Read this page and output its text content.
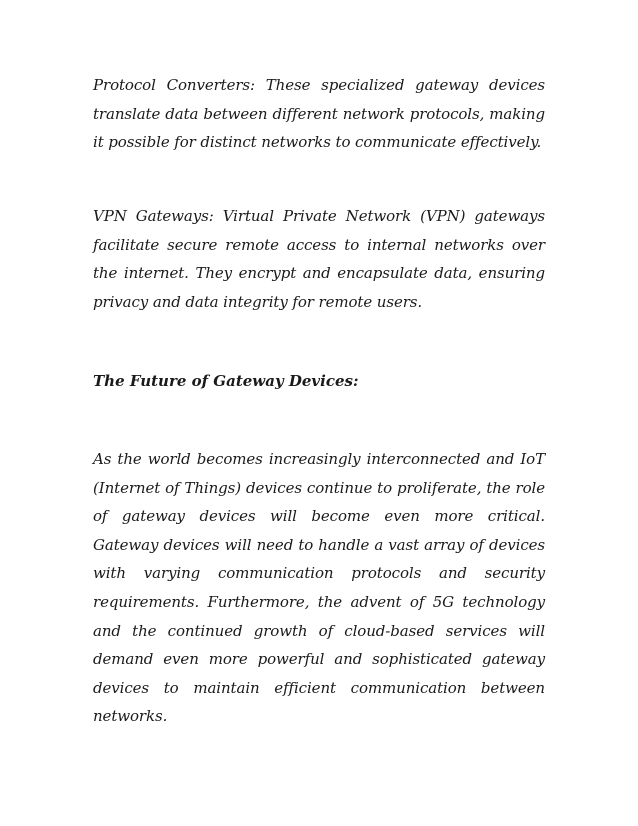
Protocol Converters: These specialized gateway devices translate data between different network protocols, making it possible for distinct networks to communicate effectively.

VPN Gateways: Virtual Private Network (VPN) gateways facilitate secure remote access to internal networks over the internet. They encrypt and encapsulate data, ensuring privacy and data integrity for remote users.

The Future of Gateway Devices:

As the world becomes increasingly interconnected and IoT (Internet of Things) devices continue to proliferate, the role of gateway devices will become even more critical. Gateway devices will need to handle a vast array of devices with varying communication protocols and security requirements. Furthermore, the advent of 5G technology and the continued growth of cloud-based services will demand even more powerful and sophisticated gateway devices to maintain efficient communication between networks.
